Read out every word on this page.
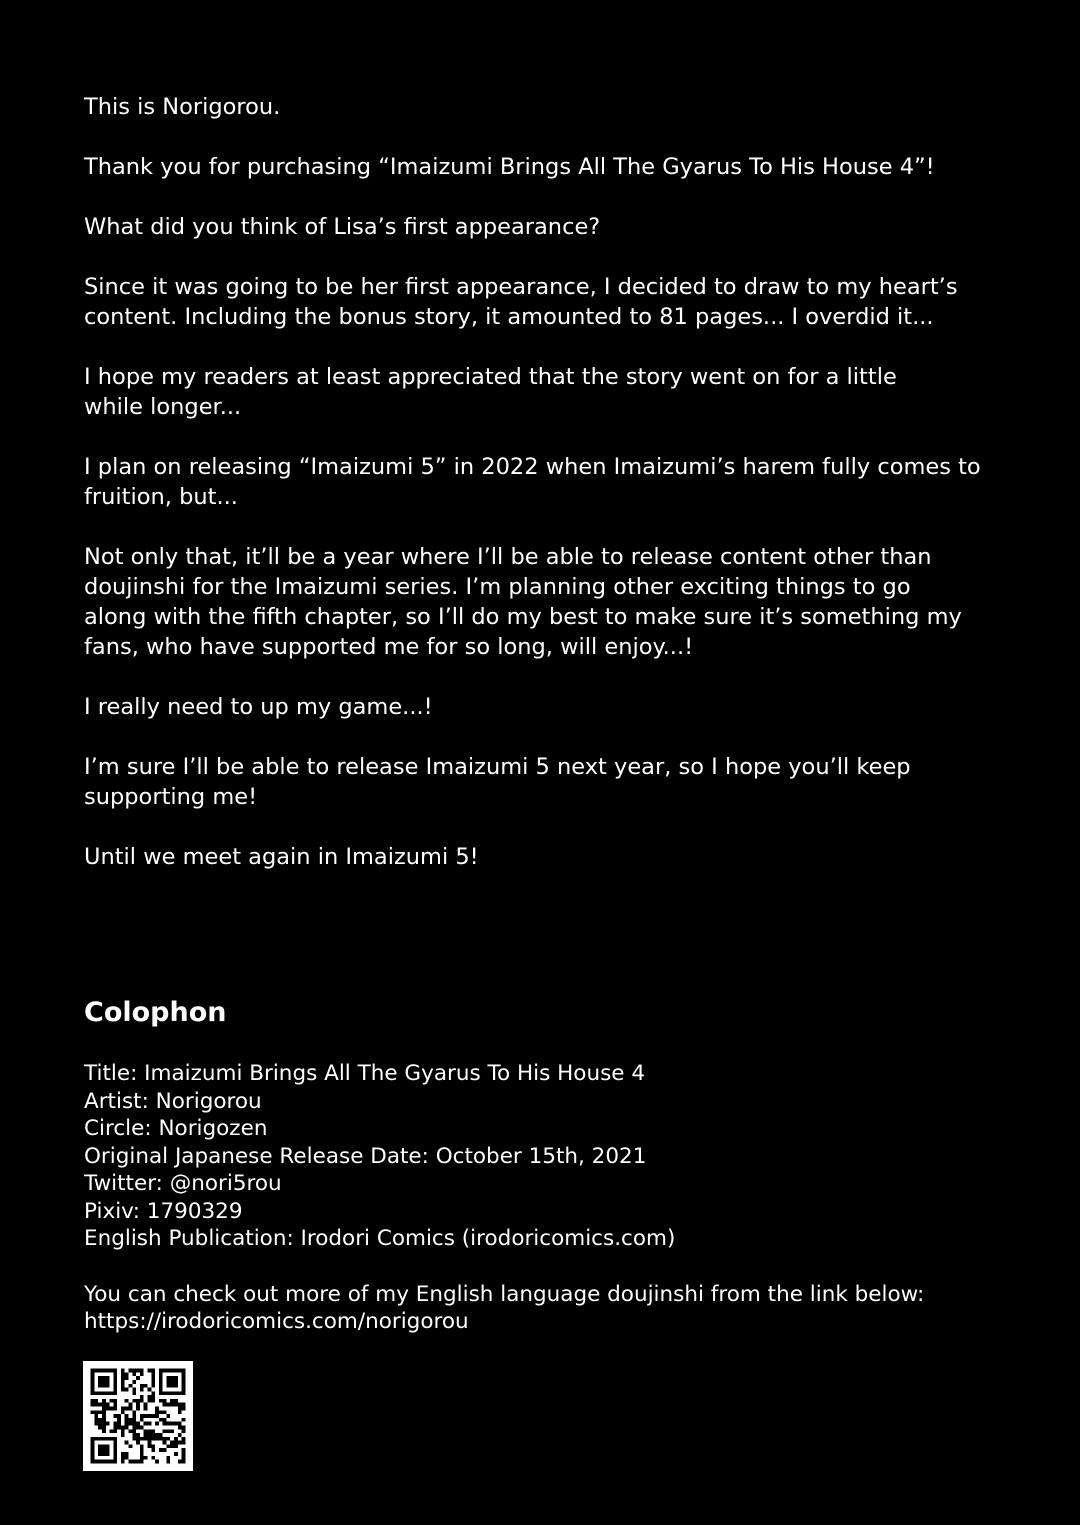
This is Norigorou.
Thank you for purchasing “Imaizumi Brings All The Gyarus To His House 4”!
What did you think of Lisa’s first appearance?
Since it was going to be her first appearance, I decided to draw to my heart’s
content. Including the bonus story, it amounted to 81 pages... I overdid it...
I hope my readers at least appreciated that the story went on for a little
while longer...
I plan on releasing “Imaizumi 5” in 2022 when Imaizumi’s harem fully comes to
fruition, but...
Not only that, it’ll be a year where I’ll be able to release content other than
doujinshi for the Imaizumi series. I’m planning other exciting things to go
along with the fifth chapter, so I’ll do my best to make sure it’s something my
fans, who have supported me for so long, will enjoy...!
I really need to up my game...!
I’m sure I’ll be able to release Imaizumi 5 next year, so I hope you’ll keep
supporting me!
Until we meet again in Imaizumi 5!
Colophon
Title: Imaizumi Brings All The Gyarus To His House 4
Artist: Norigorou
Circle: Norigozen
Original Japanese Release Date: October 15th, 2021
Twitter: @nori5rou
Pixiv: 1790329
English Publication: Irodori Comics (irodoricomics.com)
You can check out more of my English language doujinshi from the link below:
https://irodoricomics.com/norigorou
